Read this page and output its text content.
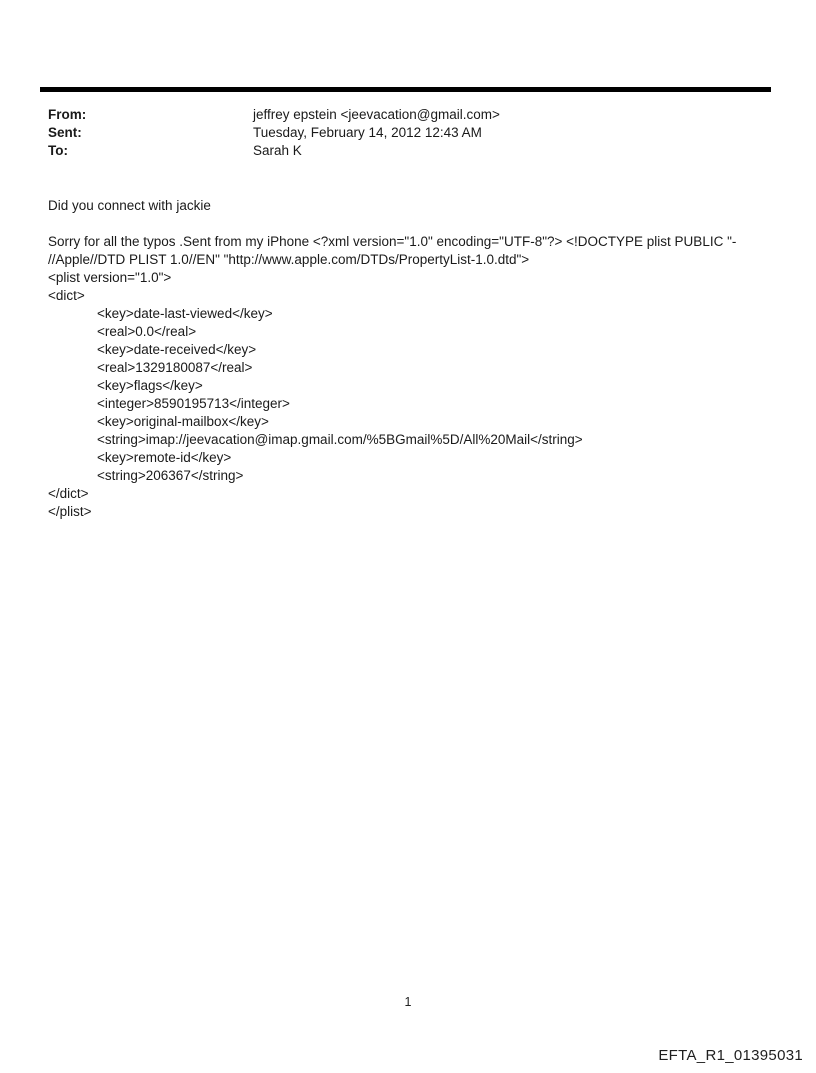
From:	jeffrey epstein <jeevacation@gmail.com>
Sent:	Tuesday, February 14, 2012 12:43 AM
To:	Sarah K
Did you connect with jackie
Sorry for all the typos .Sent from my iPhone <?xml version="1.0" encoding="UTF-8"?> <!DOCTYPE plist PUBLIC "-
//Apple//DTD PLIST 1.0//EN" "http://www.apple.com/DTDs/PropertyList-1.0.dtd">
<plist version="1.0">
<dict>
<key>date-last-viewed</key>
<real>0.0</real>
<key>date-received</key>
<real>1329180087</real>
<key>flags</key>
<integer>8590195713</integer>
<key>original-mailbox</key>
<string>imap://jeevacation@imap.gmail.com/%5BGmail%5D/All%20Mail</string>
<key>remote-id</key>
<string>206367</string>
</dict>
</plist>
1
EFTA_R1_01395031
